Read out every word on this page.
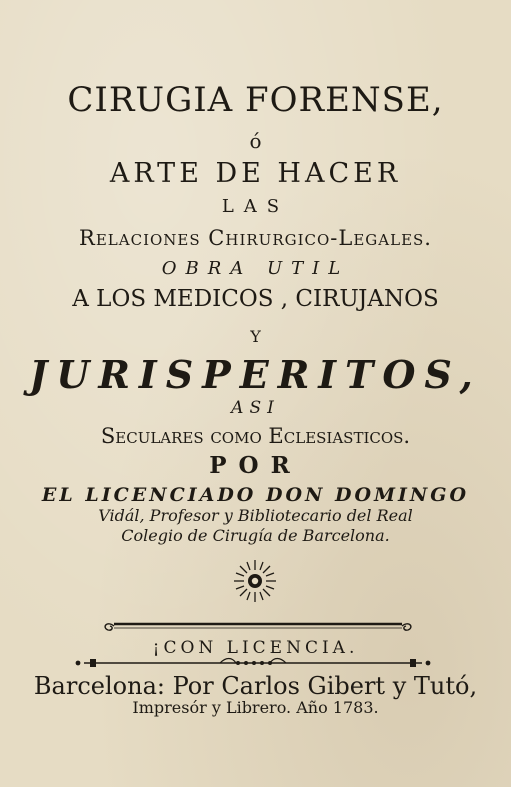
CIRUGIA FORENSE,
ó
ARTE DE HACER
LAS
Relaciones Chirurgico-Legales.
OBRA UTIL
A LOS MEDICOS , CIRUJANOS
Y
JURISPERITOS,
ASI
Seculares como Eclesiasticos.
POR
EL LICENCIADO DON DOMINGO
Vidál, Profesor y Bibliotecario del Real
Colegio de Cirugía de Barcelona.
¡CON LICENCIA.
Barcelona: Por Carlos Gibert y Tutó,
Impresór y Librero. Año 1783.
